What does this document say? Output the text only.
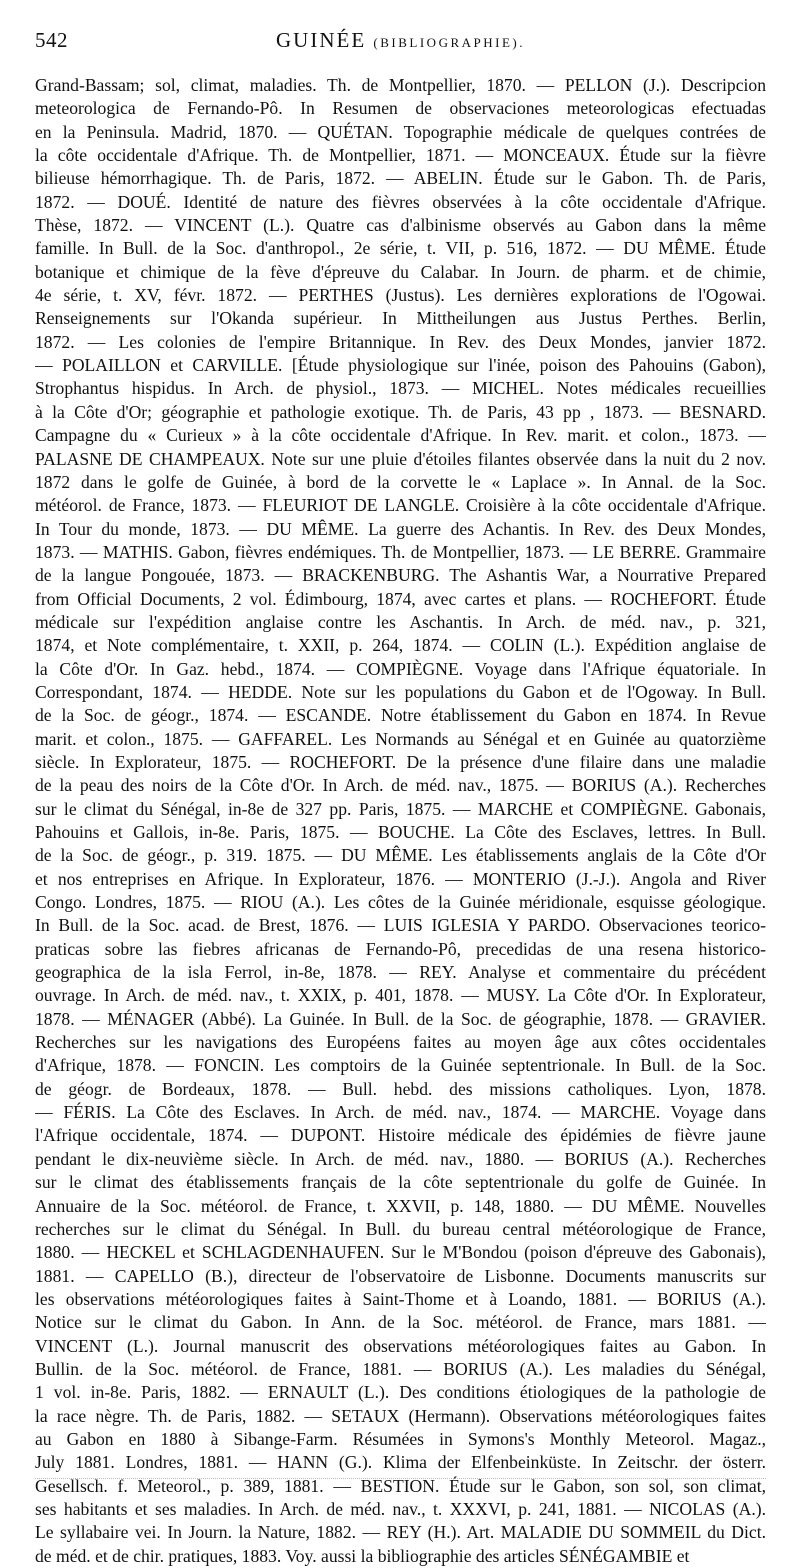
542	GUINÉE (BIBLIOGRAPHIE).
Grand-Bassam; sol, climat, maladies. Th. de Montpellier, 1870. — PELLON (J.). Descripcion
meteorologica de Fernando-Pô. In Resumen de observaciones meteorologicas efectuadas
en la Peninsula. Madrid, 1870. — QUÉTAN. Topographie médicale de quelques contrées de
la côte occidentale d'Afrique. Th. de Montpellier, 1871. — MONCEAUX. Étude sur la fièvre
bilieuse hémorrhagique. Th. de Paris, 1872. — ABELIN. Étude sur le Gabon. Th. de Paris,
1872. — DOUÉ. Identité de nature des fièvres observées à la côte occidentale d'Afrique.
Thèse, 1872. — VINCENT (L.). Quatre cas d'albinisme observés au Gabon dans la même
famille. In Bull. de la Soc. d'anthropol., 2e série, t. VII, p. 516, 1872. — DU MÊME. Étude
botanique et chimique de la fève d'épreuve du Calabar. In Journ. de pharm. et de chimie,
4e série, t. XV, févr. 1872. — PERTHES (Justus). Les dernières explorations de l'Ogowai.
Renseignements sur l'Okanda supérieur. In Mittheilungen aus Justus Perthes. Berlin,
1872. — Les colonies de l'empire Britannique. In Rev. des Deux Mondes, janvier 1872.
— POLAILLON et CARVILLE. [Étude physiologique sur l'inée, poison des Pahouins (Gabon),
Strophantus hispidus. In Arch. de physiol., 1873. — MICHEL. Notes médicales recueillies
à la Côte d'Or; géographie et pathologie exotique. Th. de Paris, 43 pp , 1873. — BESNARD.
Campagne du « Curieux » à la côte occidentale d'Afrique. In Rev. marit. et colon., 1873. —
PALASNE DE CHAMPEAUX. Note sur une pluie d'étoiles filantes observée dans la nuit du 2 nov.
1872 dans le golfe de Guinée, à bord de la corvette le « Laplace ». In Annal. de la Soc.
météorol. de France, 1873. — FLEURIOT DE LANGLE. Croisière à la côte occidentale d'Afrique.
In Tour du monde, 1873. — DU MÊME. La guerre des Achantis. In Rev. des Deux Mondes,
1873. — MATHIS. Gabon, fièvres endémiques. Th. de Montpellier, 1873. — LE BERRE. Grammaire
de la langue Pongouée, 1873. — BRACKENBURG. The Ashantis War, a Nourrative Prepared
from Official Documents, 2 vol. Édimbourg, 1874, avec cartes et plans. — ROCHEFORT. Étude
médicale sur l'expédition anglaise contre les Aschantis. In Arch. de méd. nav., p. 321,
1874, et Note complémentaire, t. XXII, p. 264, 1874. — COLIN (L.). Expédition anglaise de
la Côte d'Or. In Gaz. hebd., 1874. — COMPIÈGNE. Voyage dans l'Afrique équatoriale. In
Correspondant, 1874. — HEDDE. Note sur les populations du Gabon et de l'Ogoway. In Bull.
de la Soc. de géogr., 1874. — ESCANDE. Notre établissement du Gabon en 1874. In Revue
marit. et colon., 1875. — GAFFAREL. Les Normands au Sénégal et en Guinée au quatorzième
siècle. In Explorateur, 1875. — ROCHEFORT. De la présence d'une filaire dans une maladie
de la peau des noirs de la Côte d'Or. In Arch. de méd. nav., 1875. — BORIUS (A.). Recherches
sur le climat du Sénégal, in-8e de 327 pp. Paris, 1875. — MARCHE et COMPIÈGNE. Gabonais,
Pahouins et Gallois, in-8e. Paris, 1875. — BOUCHE. La Côte des Esclaves, lettres. In Bull.
de la Soc. de géogr., p. 319. 1875. — DU MÊME. Les établissements anglais de la Côte d'Or
et nos entreprises en Afrique. In Explorateur, 1876. — MONTERIO (J.-J.). Angola and River
Congo. Londres, 1875. — RIOU (A.). Les côtes de la Guinée méridionale, esquisse géologique.
In Bull. de la Soc. acad. de Brest, 1876. — LUIS IGLESIA Y PARDO. Observaciones teorico-
praticas sobre las fiebres africanas de Fernando-Pô, precedidas de una resena historico-
geographica de la isla Ferrol, in-8e, 1878. — REY. Analyse et commentaire du précédent
ouvrage. In Arch. de méd. nav., t. XXIX, p. 401, 1878. — MUSY. La Côte d'Or. In Explorateur,
1878. — MÉNAGER (Abbé). La Guinée. In Bull. de la Soc. de géographie, 1878. — GRAVIER.
Recherches sur les navigations des Européens faites au moyen âge aux côtes occidentales
d'Afrique, 1878. — FONCIN. Les comptoirs de la Guinée septentrionale. In Bull. de la Soc.
de géogr. de Bordeaux, 1878. — Bull. hebd. des missions catholiques. Lyon, 1878.
— FÉRIS. La Côte des Esclaves. In Arch. de méd. nav., 1874. — MARCHE. Voyage dans
l'Afrique occidentale, 1874. — DUPONT. Histoire médicale des épidémies de fièvre jaune
pendant le dix-neuvième siècle. In Arch. de méd. nav., 1880. — BORIUS (A.). Recherches
sur le climat des établissements français de la côte septentrionale du golfe de Guinée. In
Annuaire de la Soc. météorol. de France, t. XXVII, p. 148, 1880. — DU MÊME. Nouvelles
recherches sur le climat du Sénégal. In Bull. du bureau central météorologique de France,
1880. — HECKEL et SCHLAGDENHAUFEN. Sur le M'Bondou (poison d'épreuve des Gabonais),
1881. — CAPELLO (B.), directeur de l'observatoire de Lisbonne. Documents manuscrits sur
les observations météorologiques faites à Saint-Thome et à Loando, 1881. — BORIUS (A.).
Notice sur le climat du Gabon. In Ann. de la Soc. météorol. de France, mars 1881. —
VINCENT (L.). Journal manuscrit des observations météorologiques faites au Gabon. In
Bullin. de la Soc. météorol. de France, 1881. — BORIUS (A.). Les maladies du Sénégal,
1 vol. in-8e. Paris, 1882. — ERNAULT (L.). Des conditions étiologiques de la pathologie de
la race nègre. Th. de Paris, 1882. — SETAUX (Hermann). Observations météorologiques faites
au Gabon en 1880 à Sibange-Farm. Résumées in Symons's Monthly Meteorol. Magaz.,
July 1881. Londres, 1881. — HANN (G.). Klima der Elfenbeinküste. In Zeitschr. der österr.
Gesellsch. f. Meteorol., p. 389, 1881. — BESTION. Étude sur le Gabon, son sol, son climat,
ses habitants et ses maladies. In Arch. de méd. nav., t. XXXVI, p. 241, 1881. — NICOLAS (A.).
Le syllabaire vei. In Journ. la Nature, 1882. — REY (H.). Art. MALADIE DU SOMMEIL du Dict.
de méd. et de chir. pratiques, 1883. Voy. aussi la bibliographie des articles SÉNÉGAMBIE et
